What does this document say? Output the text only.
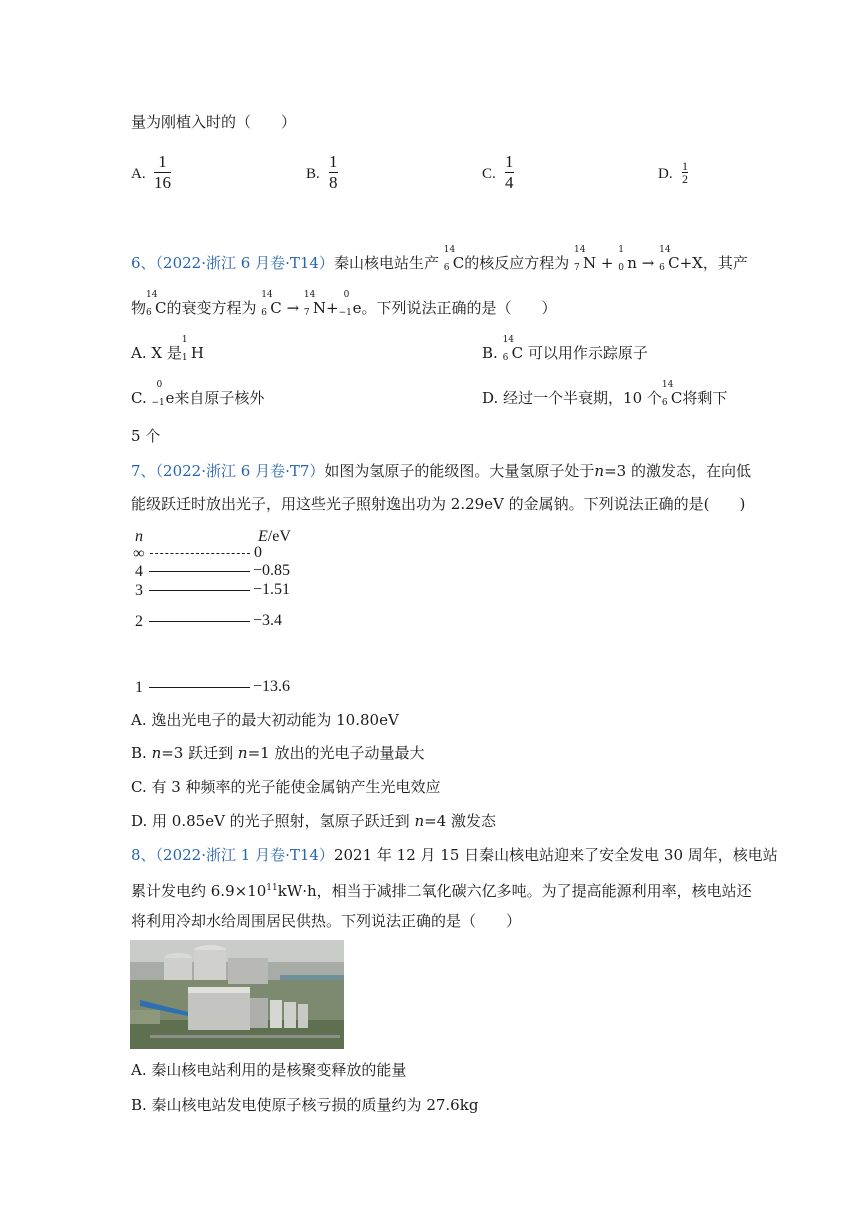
量为刚植入时的（　　）
A.
1
16	B.
1
8	C.
1
4	D. 1
2
6、（2022·浙江 6 月卷·T14）秦山核电站生产
14
6 C的核反应方程为
14
7 N +
1
0 n →
14
6 C+X，其产
物
14
6 C的衰变方程为
14
6 C →
14
7 N+
0
−1 e。下列说法正确的是（　　）
A. X 是
1
1 H	B.
14
6 C 可以用作示踪原子
C.
0
−1 e来自原子核外	D. 经过一个半衰期，10 个
14
6 C将剩下
5 个
7、（2022·浙江 6 月卷·T7）如图为氢原子的能级图。大量氢原子处于n=3 的激发态，在向低
能级跃迁时放出光子，用这些光子照射逸出功为 2.29eV 的金属钠。下列说法正确的是(　　)
n	E/eV
∞	0
4	−0.85
3	−1.51
2	−3.4
1	−13.6
A. 逸出光电子的最大初动能为 10.80eV
B. n=3 跃迁到 n=1 放出的光电子动量最大
C. 有 3 种频率的光子能使金属钠产生光电效应
D. 用 0.85eV 的光子照射，氢原子跃迁到 n=4 激发态
8、（2022·浙江 1 月卷·T14）2021 年 12 月 15 日秦山核电站迎来了安全发电 30 周年，核电站
累计发电约 $6.9\times 10^{11}kW\cdot h$，相当于减排二氧化碳六亿多吨。为了提高能源利用率，核电站还
将利用冷却水给周围居民供热。下列说法正确的是（　　）
A. 秦山核电站利用的是核聚变释放的能量
B. 秦山核电站发电使原子核亏损的质量约为 27.6kg
